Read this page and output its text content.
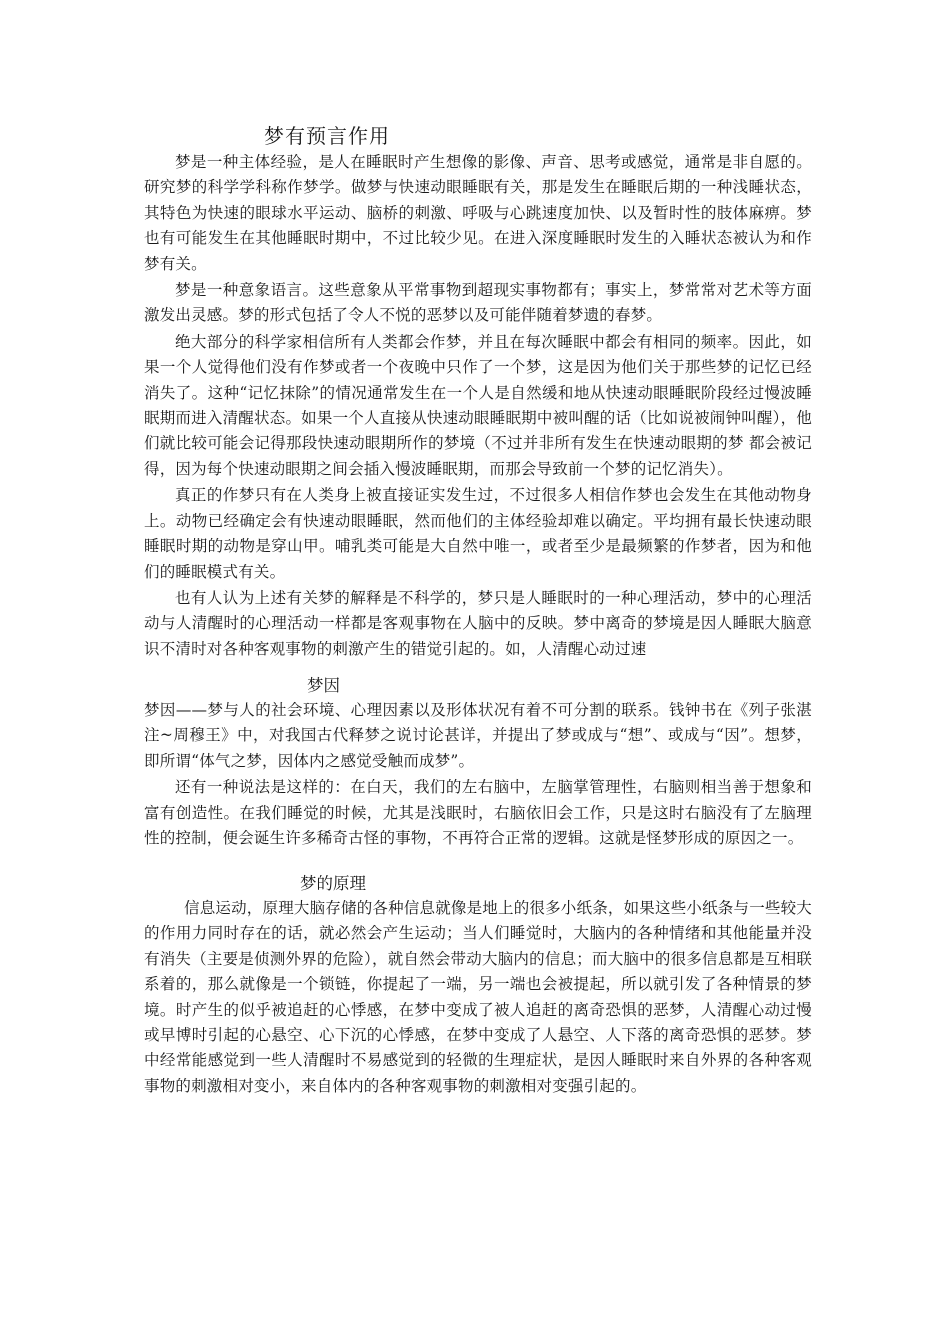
梦有预言作用

梦是一种主体经验，是人在睡眠时产生想像的影像、声音、思考或感觉，通常是非自愿的。研究梦的科学学科称作梦学。做梦与快速动眼睡眠有关，那是发生在睡眠后期的一种浅睡状态，其特色为快速的眼球水平运动、脑桥的刺激、呼吸与心跳速度加快、以及暂时性的肢体麻痹。梦也有可能发生在其他睡眠时期中，不过比较少见。在进入深度睡眠时发生的入睡状态被认为和作梦有关。

梦是一种意象语言。这些意象从平常事物到超现实事物都有；事实上，梦常常对艺术等方面激发出灵感。梦的形式包括了令人不悦的恶梦以及可能伴随着梦遗的春梦。

绝大部分的科学家相信所有人类都会作梦，并且在每次睡眠中都会有相同的频率。因此，如果一个人觉得他们没有作梦或者一个夜晚中只作了一个梦，这是因为他们关于那些梦的记忆已经消失了。这种“记忆抹除”的情况通常发生在一个人是自然缓和地从快速动眼睡眠阶段经过慢波睡眠期而进入清醒状态。如果一个人直接从快速动眼睡眠期中被叫醒的话（比如说被闹钟叫醒），他们就比较可能会记得那段快速动眼期所作的梦境（不过并非所有发生在快速动眼期的梦 都会被记得，因为每个快速动眼期之间会插入慢波睡眠期，而那会导致前一个梦的记忆消失）。

真正的作梦只有在人类身上被直接证实发生过，不过很多人相信作梦也会发生在其他动物身上。动物已经确定会有快速动眼睡眠，然而他们的主体经验却难以确定。平均拥有最长快速动眼睡眠时期的动物是穿山甲。哺乳类可能是大自然中唯一，或者至少是最频繁的作梦者，因为和他们的睡眠模式有关。

也有人认为上述有关梦的解释是不科学的，梦只是人睡眠时的一种心理活动，梦中的心理活动与人清醒时的心理活动一样都是客观事物在人脑中的反映。梦中离奇的梦境是因人睡眠大脑意识不清时对各种客观事物的刺激产生的错觉引起的。如，人清醒心动过速

梦因

梦因——梦与人的社会环境、心理因素以及形体状况有着不可分割的联系。钱钟书在《列子张湛注~周穆王》中，对我国古代释梦之说讨论甚详，并提出了梦或成与“想”、或成与“因”。想梦，即所谓“体气之梦，因体内之感觉受触而成梦”。

还有一种说法是这样的：在白天，我们的左右脑中，左脑掌管理性，右脑则相当善于想象和富有创造性。在我们睡觉的时候，尤其是浅眠时，右脑依旧会工作，只是这时右脑没有了左脑理性的控制，便会诞生许多稀奇古怪的事物，不再符合正常的逻辑。这就是怪梦形成的原因之一。

梦的原理

信息运动，原理大脑存储的各种信息就像是地上的很多小纸条，如果这些小纸条与一些较大的作用力同时存在的话，就必然会产生运动；当人们睡觉时，大脑内的各种情绪和其他能量并没有消失（主要是侦测外界的危险），就自然会带动大脑内的信息；而大脑中的很多信息都是互相联系着的，那么就像是一个锁链，你提起了一端，另一端也会被提起，所以就引发了各种情景的梦境。时产生的似乎被追赶的心悸感，在梦中变成了被人追赶的离奇恐惧的恶梦，人清醒心动过慢或早博时引起的心悬空、心下沉的心悸感，在梦中变成了人悬空、人下落的离奇恐惧的恶梦。梦中经常能感觉到一些人清醒时不易感觉到的轻微的生理症状，是因人睡眠时来自外界的各种客观事物的刺激相对变小，来自体内的各种客观事物的刺激相对变强引起的。
